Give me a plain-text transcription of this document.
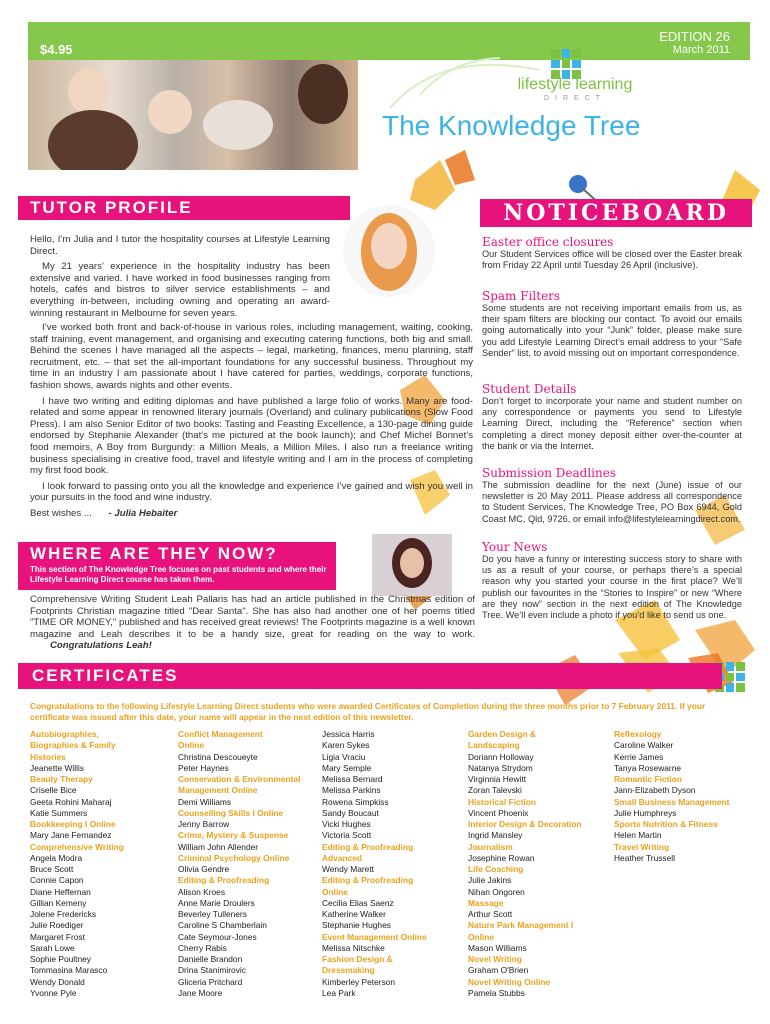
$4.95
EDITION 26
March 2011
lifestyle learning
DIRECT
The Knowledge Tree
TUTOR PROFILE
Hello, I’m Julia and I tutor the hospitality courses at Lifestyle Learning Direct.
My 21 years’ experience in the hospitality industry has been extensive and varied. I have worked in food businesses ranging from hotels, cafés and bistros to silver service establishments – and everything in-between, including owning and operating an award-winning restaurant in Melbourne for seven years.
I’ve worked both front and back-of-house in various roles, including management, waiting, cooking, staff training, event management, and organising and executing catering functions, both big and small. Behind the scenes I have managed all the aspects – legal, marketing, finances, menu planning, staff recruitment, etc. – that set the all-important foundations for any successful business. Throughout my time in an industry I am passionate about I have catered for parties, weddings, corporate functions, fashion shows, awards nights and other events.
I have two writing and editing diplomas and have published a large folio of works. Many are food-related and some appear in renowned literary journals (Overland) and culinary publications (Slow Food Press). I am also Senior Editor of two books: Tasting and Feasting Excellence, a 130-page dining guide endorsed by Stephanie Alexander (that’s me pictured at the book launch); and Chef Michel Bonnet’s food memoirs, A Boy from Burgundy: a Million Meals, a Million Miles. I also run a freelance writing business specialising in creative food, travel and lifestyle writing and I am in the process of completing my first food book.
I look forward to passing onto you all the knowledge and experience I’ve gained and wish you well in your pursuits in the food and wine industry.
Best wishes ... - Julia Hebaiter
WHERE ARE THEY NOW?
This section of The Knowledge Tree focuses on past students and where their Lifestyle Learning Direct course has taken them.
Comprehensive Writing Student Leah Pallaris has had an article published in the Christmas edition of Footprints Christian magazine titled "Dear Santa". She has also had another one of her poems titled "TIME OR MONEY," published and has received great reviews! The Footprints magazine is a well known magazine and Leah describes it to be a handy size, great for reading on the way to work. Congratulations Leah!
NOTICEBOARD
Easter office closures
Our Student Services office will be closed over the Easter break from Friday 22 April until Tuesday 26 April (inclusive).
Spam Filters
Some students are not receiving important emails from us, as their spam filters are blocking our contact. To avoid our emails going automatically into your “Junk” folder, please make sure you add Lifestyle Learning Direct’s email address to your “Safe Sender” list, to avoid missing out on important correspondence.
Student Details
Don’t forget to incorporate your name and student number on any correspondence or payments you send to Lifestyle Learning Direct, including the “Reference” section when completing a direct money deposit either over-the-counter at the bank or via the Internet.
Submission Deadlines
The submission deadline for the next (June) issue of our newsletter is 20 May 2011. Please address all correspondence to Student Services, The Knowledge Tree, PO Box 6944, Gold Coast MC, Qld, 9726, or email info@lifestylelearningdirect.com.
Your News
Do you have a funny or interesting success story to share with us as a result of your course, or perhaps there’s a special reason why you started your course in the first place? We’ll publish our favourites in the “Stories to Inspire” or new “Where are they now” section in the next edition of The Knowledge Tree. We’ll even include a photo if you’d like to send us one.
CERTIFICATES
Congratulations to the following Lifestyle Learning Direct students who were awarded Certificates of Completion during the three months prior to 7 February 2011. If your certificate was issued after this date, your name will appear in the next edition of this newsletter.
Autobiographies,
Biographies & Family
Histories
Jeanette Willis
Beauty Therapy
Criselle Bice
Geeta Rohini Maharaj
Katie Summers
Bookkeeping I Online
Mary Jane Fernandez
Comprehensive Writing
Angela Modra
Bruce Scott
Connie Capon
Diane Heffernan
Gillian Kemeny
Jolene Fredericks
Julie Roediger
Margaret Frost
Sarah Lowe
Sophie Poultney
Tommasina Marasco
Wendy Donald
Yvonne Pyle
Conflict Management
Online
Christina Descoueyte
Peter Haynes
Conservation & Environmental
Management Online
Demi Williams
Counselling Skills I Online
Jenny Barrow
Crime, Mystery & Suspense
William John Allender
Criminal Psychology Online
Olivia Gendre
Editing & Proofreading
Alison Kroes
Anne Marie Droulers
Beverley Tulleners
Caroline S Chamberlain
Cate Seymour-Jones
Cherry Rabis
Danielle Brandon
Drina Stanimirovic
Gliceria Pritchard
Jane Moore
Jessica Harris
Karen Sykes
Ligia Vraciu
Mary Semple
Melissa Bernard
Melissa Parkins
Rowena Simpkiss
Sandy Boucaut
Vicki Hughes
Victoria Scott
Editing & Proofreading
Advanced
Wendy Marett
Editing & Proofreading
Online
Cecilia Elias Saenz
Katherine Walker
Stephanie Hughes
Event Management Online
Melissa Nitschke
Fashion Design &
Dressmaking
Kimberley Peterson
Lea Park
Garden Design &
Landscaping
Doriann Holloway
Natanya Strydom
Virginnia Hewitt
Zoran Talevski
Historical Fiction
Vincent Phoenix
Interior Design & Decoration
Ingrid Mansley
Journalism
Josephine Rowan
Life Coaching
Julie Jakins
Nihan Ongoren
Massage
Arthur Scott
Nature Park Management I
Online
Mason Williams
Novel Writing
Graham O'Brien
Novel Writing Online
Pamela Stubbs
Reflexology
Caroline Walker
Kerrie James
Tanya Rosewarne
Romantic Fiction
Jann-Elizabeth Dyson
Small Business Management
Julie Humphreys
Sports Nutrition & Fitness
Helen Martin
Travel Writing
Heather Trussell
